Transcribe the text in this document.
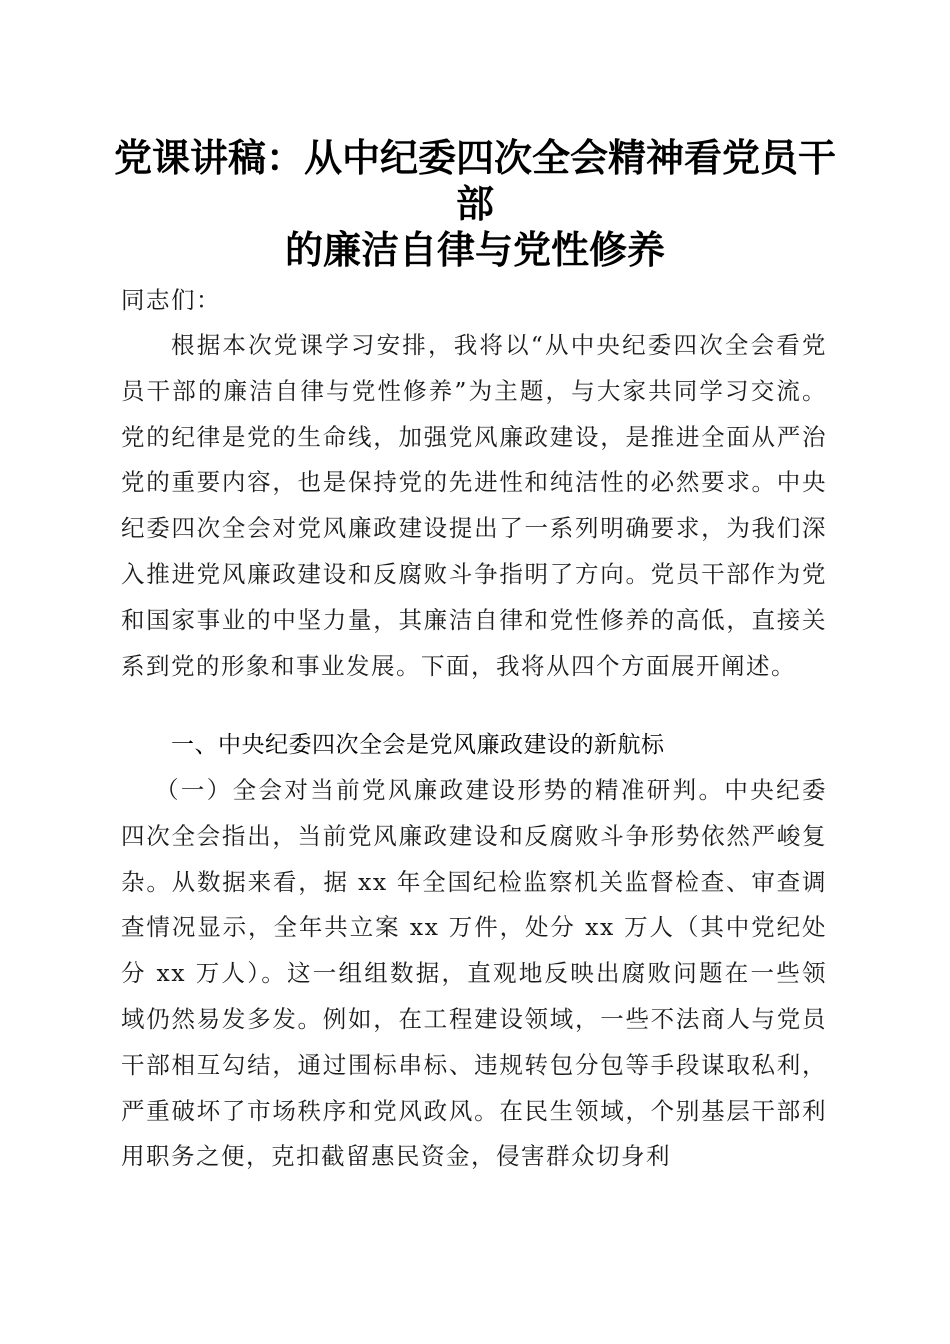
党课讲稿：从中纪委四次全会精神看党员干部
的廉洁自律与党性修养
同志们：
根据本次党课学习安排，我将以“从中央纪委四次全会看党员干部的廉洁自律与党性修养”为主题，与大家共同学习交流。党的纪律是党的生命线，加强党风廉政建设，是推进全面从严治党的重要内容，也是保持党的先进性和纯洁性的必然要求。中央纪委四次全会对党风廉政建设提出了一系列明确要求，为我们深入推进党风廉政建设和反腐败斗争指明了方向。党员干部作为党和国家事业的中坚力量，其廉洁自律和党性修养的高低，直接关系到党的形象和事业发展。下面，我将从四个方面展开阐述。
一、中央纪委四次全会是党风廉政建设的新航标
（一）全会对当前党风廉政建设形势的精准研判。中央纪委四次全会指出，当前党风廉政建设和反腐败斗争形势依然严峻复杂。从数据来看，据 xx 年全国纪检监察机关监督检查、审查调查情况显示，全年共立案 xx 万件，处分 xx 万人（其中党纪处分 xx 万人）。这一组组数据，直观地反映出腐败问题在一些领域仍然易发多发。例如，在工程建设领域，一些不法商人与党员干部相互勾结，通过围标串标、违规转包分包等手段谋取私利，严重破坏了市场秩序和党风政风。在民生领域，个别基层干部利用职务之便，克扣截留惠民资金，侵害群众切身利
